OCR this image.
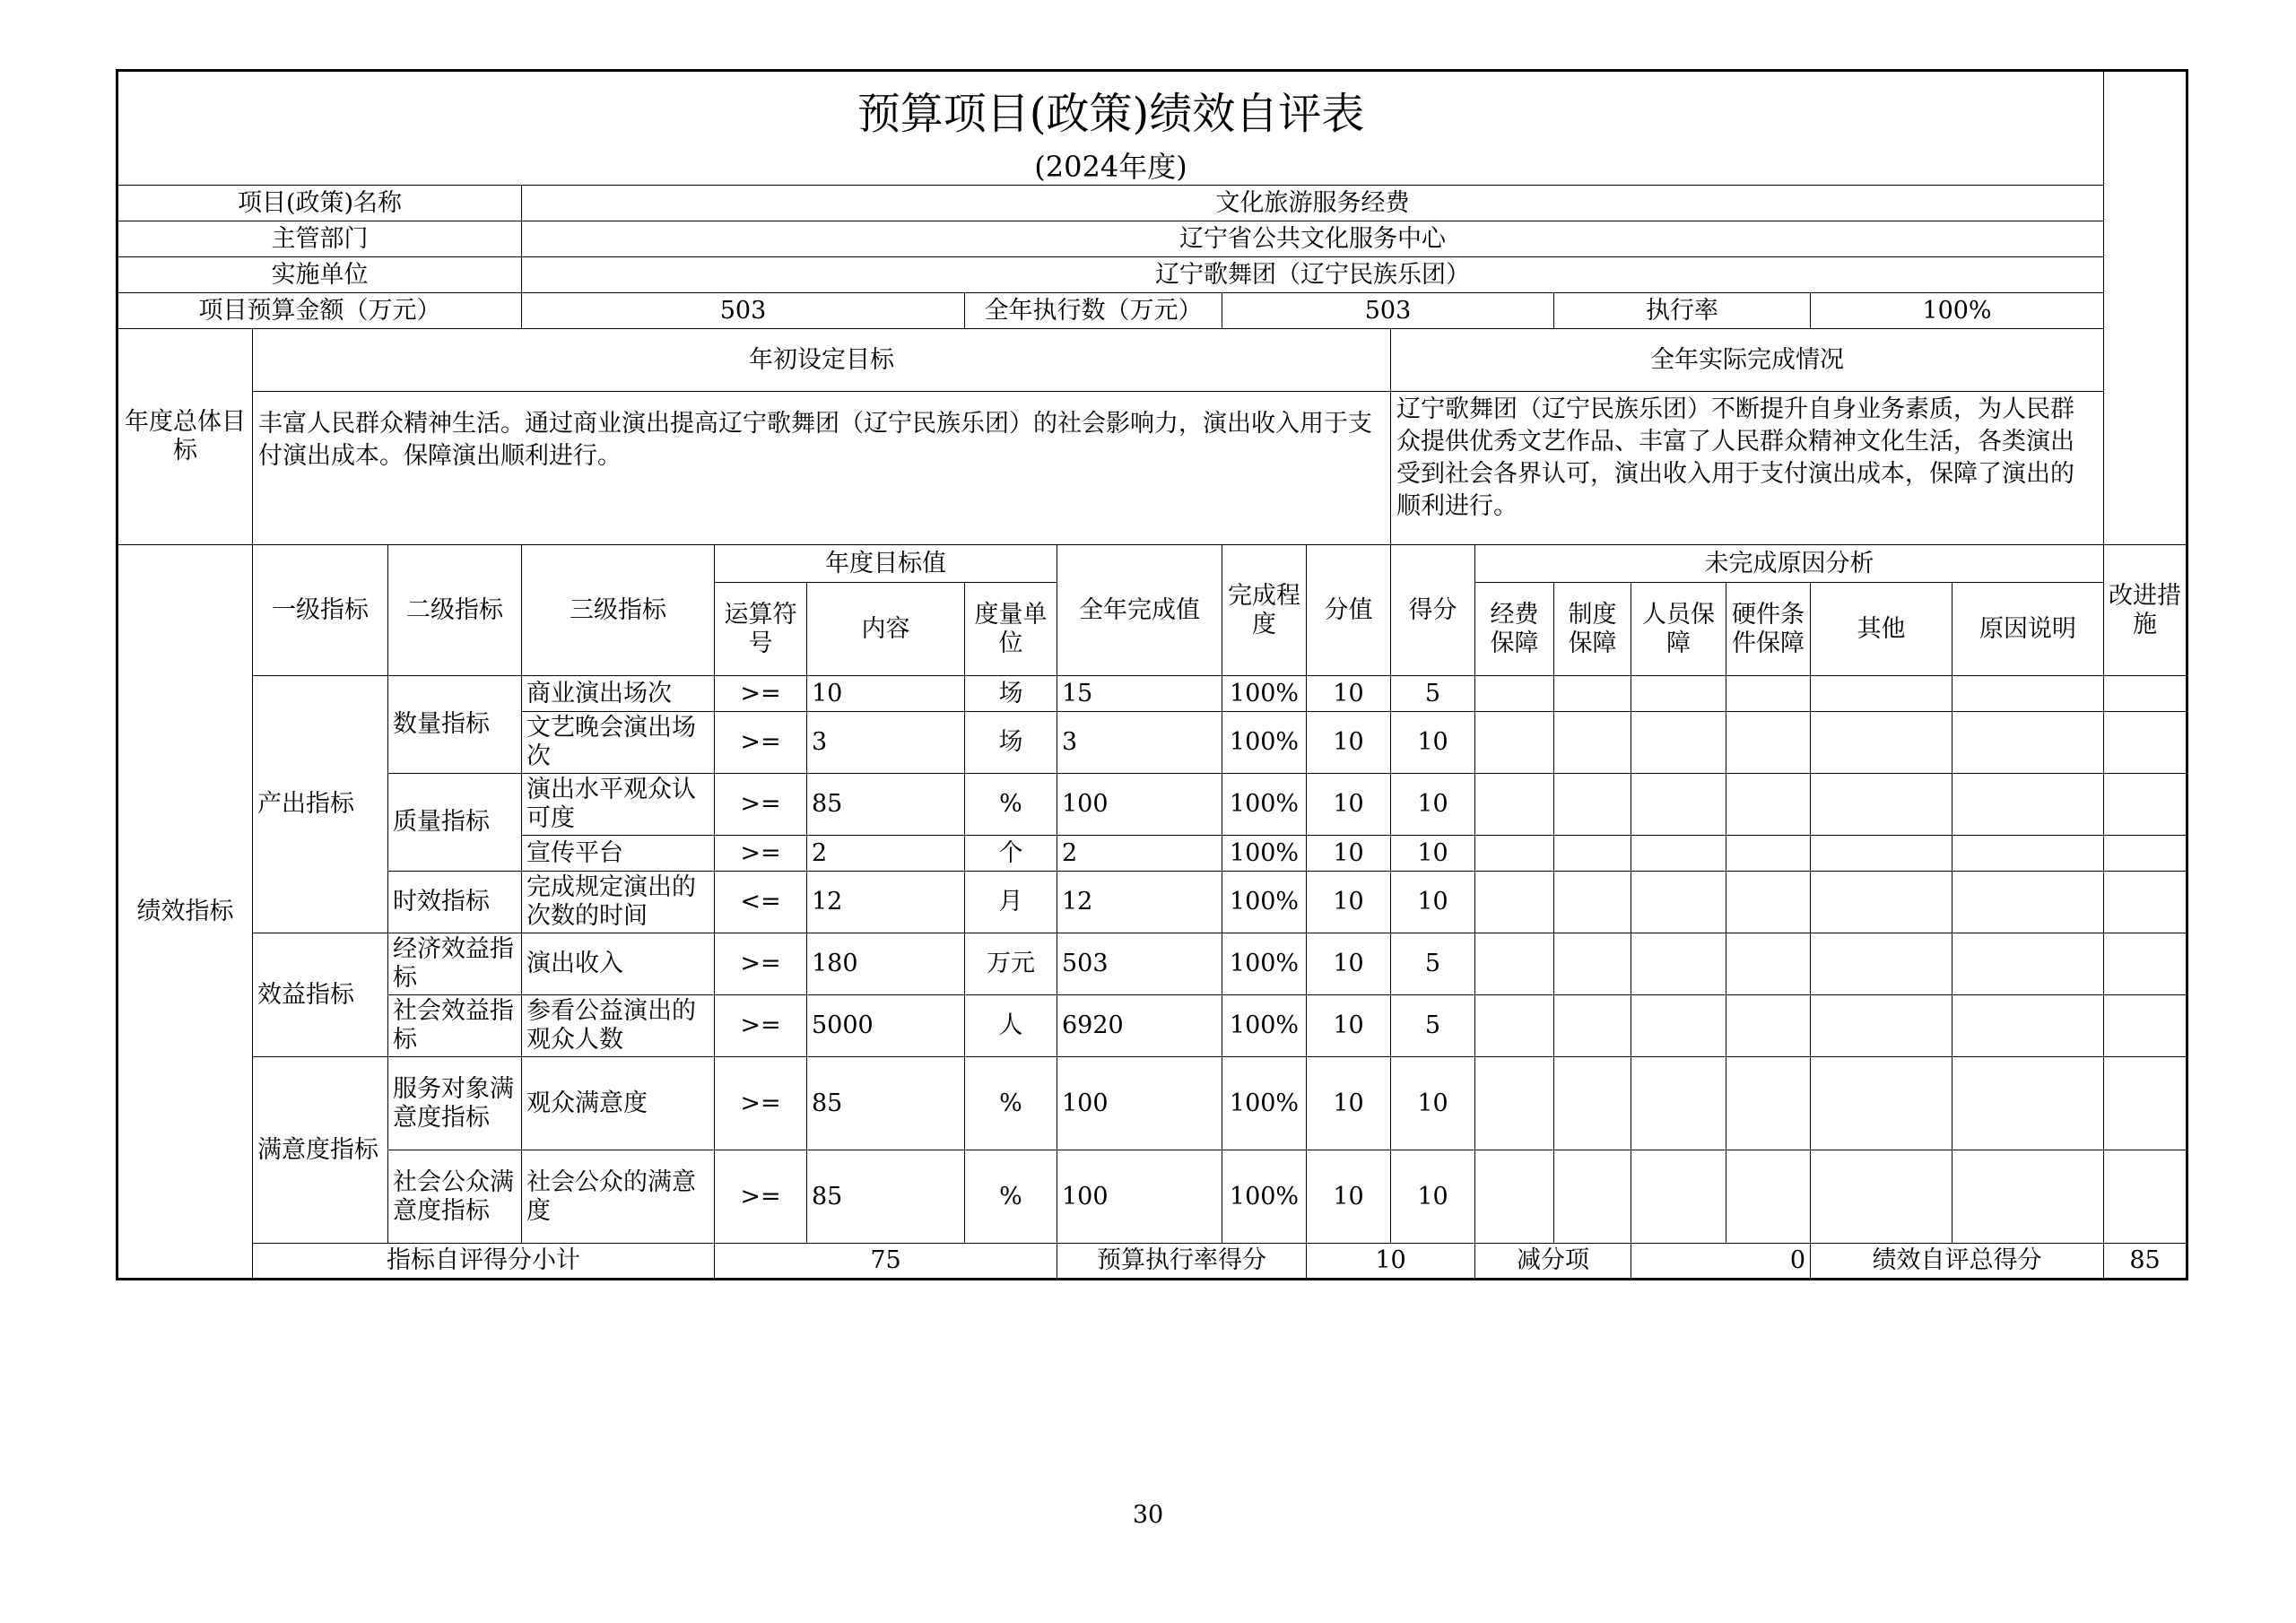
预算项目(政策)绩效自评表																	
(2024年度)																	
项目(政策)名称			文化旅游服务经费														
主管部门			辽宁省公共文化服务中心														
实施单位			辽宁歌舞团（辽宁民族乐团）														
项目预算金额（万元）			503			全年执行数（万元）		503				执行率			100%		
年度总体目标	年初设定目标									全年实际完成情况							
	丰富人民群众精神生活。通过商业演出提高辽宁歌舞团（辽宁民族乐团）的社会影响力，演出收入用于支付演出成本。保障演出顺利进行。									辽宁歌舞团（辽宁民族乐团）不断提升自身业务素质，为人民群众提供优秀文艺作品、丰富了人民群众精神文化生活，各类演出受到社会各界认可，演出收入用于支付演出成本，保障了演出的顺利进行。							
绩效指标	一级指标	二级指标	三级指标	年度目标值			全年完成值	完成程度	分值	得分	未完成原因分析						改进措施
				运算符号	内容	度量单位					经费保障	制度保障	人员保障	硬件条件保障	其他	原因说明	
	产出指标	数量指标	商业演出场次	>=	10	场	15	100%	10	5							
			文艺晚会演出场次	>=	3	场	3	100%	10	10							
		质量指标	演出水平观众认可度	>=	85	%	100	100%	10	10							
			宣传平台	>=	2	个	2	100%	10	10							
		时效指标	完成规定演出的次数的时间	<=	12	月	12	100%	10	10							
	效益指标	经济效益指标	演出收入	>=	180	万元	503	100%	10	5							
		社会效益指标	参看公益演出的观众人数	>=	5000	人	6920	100%	10	5							
	满意度指标	服务对象满意度指标	观众满意度	>=	85	%	100	100%	10	10							
		社会公众满意度指标	社会公众的满意度	>=	85	%	100	100%	10	10							
	指标自评得分小计			75			预算执行率得分		10		减分项		0		绩效自评总得分		85
30
